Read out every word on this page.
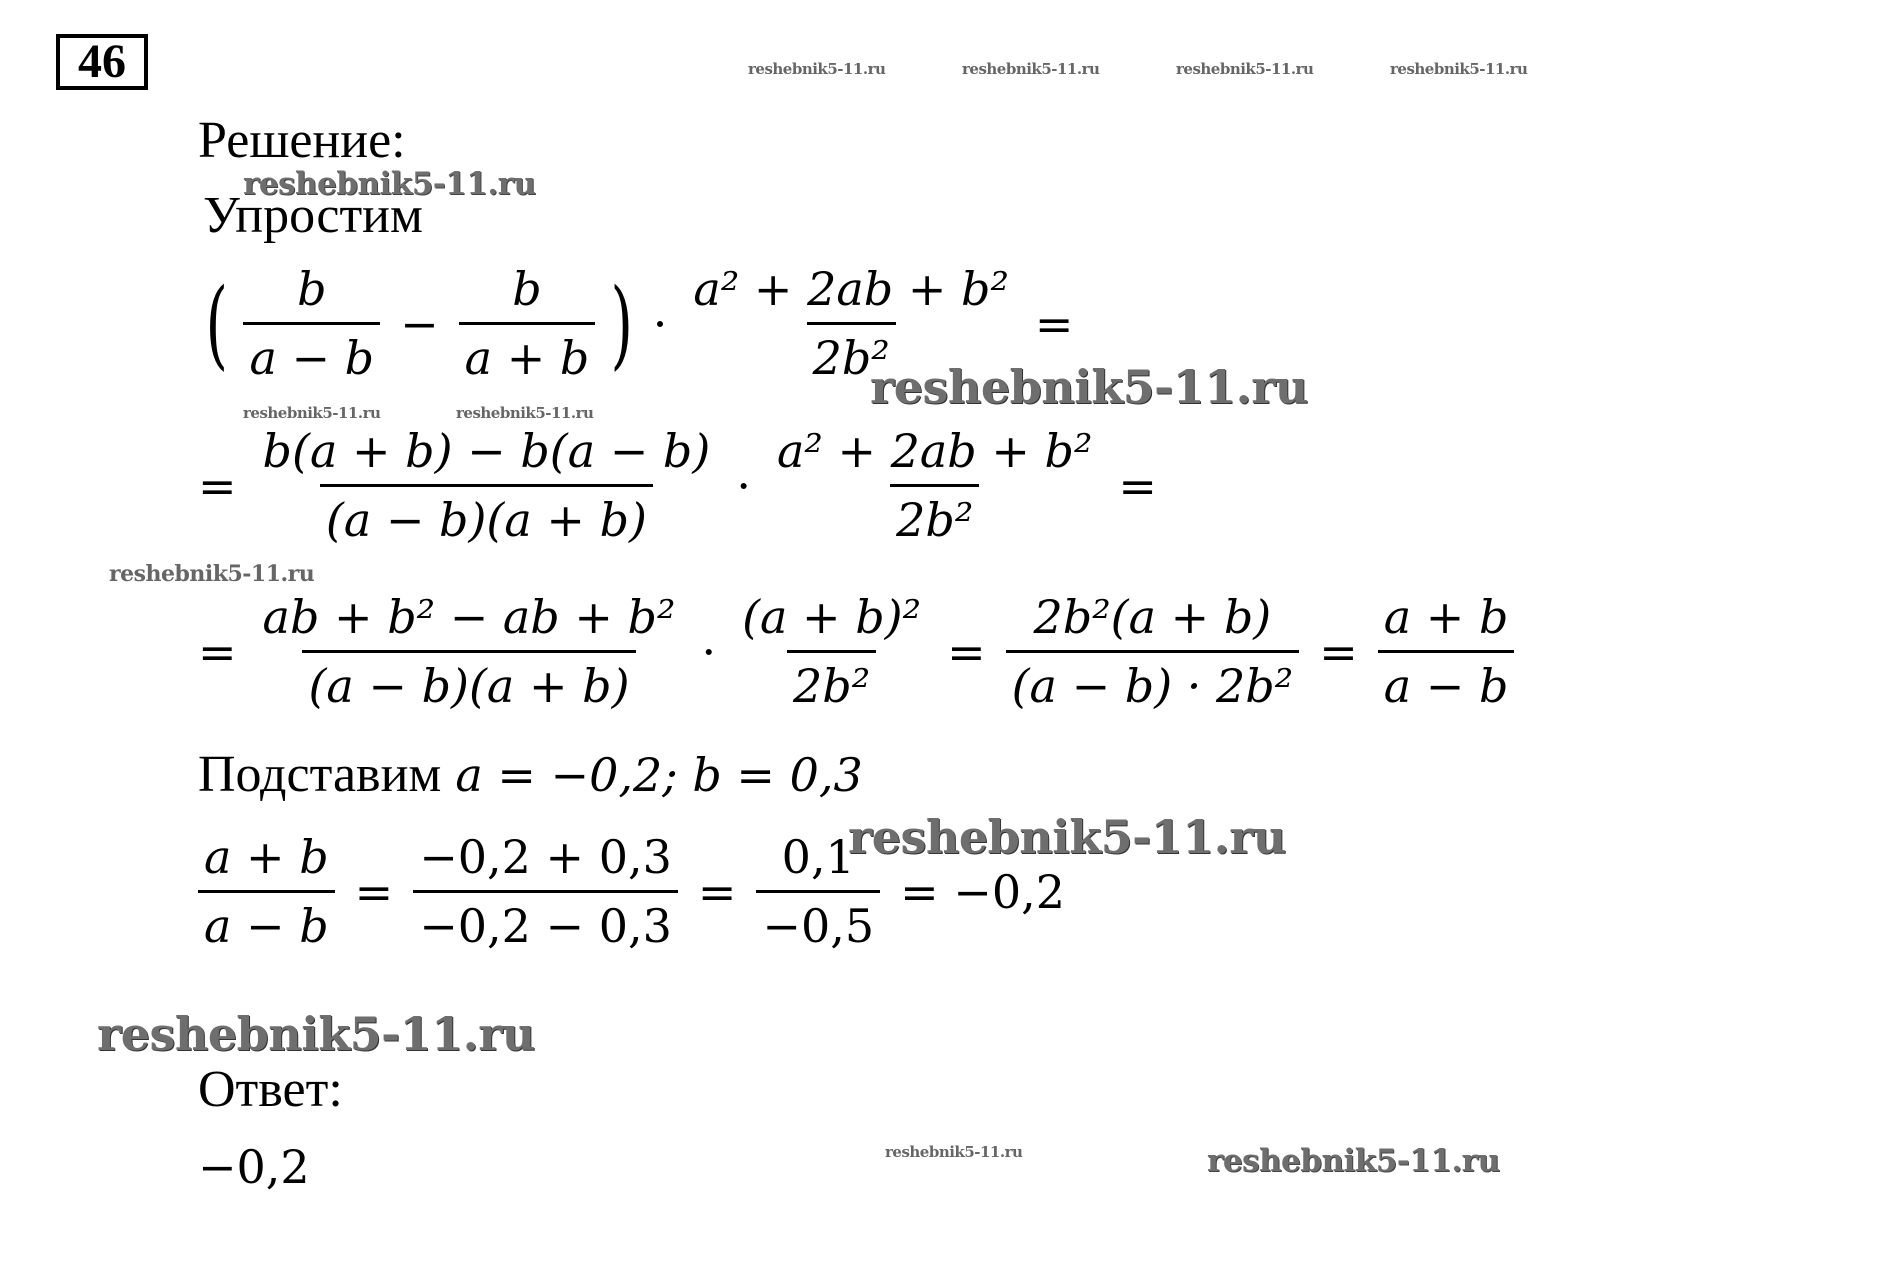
46	reshebnik5-11.ru	reshebnik5-11.ru	reshebnik5-11.ru	reshebnik5-11.ru
reshebnik5-11.ru
reshebnik5-11.ru
reshebnik5-11.ru	reshebnik5-11.ru
reshebnik5-11.ru
reshebnik5-11.ru
reshebnik5-11.ru
reshebnik5-11.ru	reshebnik5-11.ru
Решение:
Упростим
( $\frac{b}{a - b} - \frac{b}{a + b}$ ) · $\frac{\text{a² + 2ab + b²}}{\text{2b²}}$ =
= $\frac{b(a + b) - b(a - b)}{(a - b)(a + b)} \cdot \frac{\text{a² + 2ab + b²}}{\text{2b²}}$ =
= $\frac{\text{ab + b² − ab + b²}}{(a - b)(a + b)} \cdot \frac{\text{(a + b)²}}{\text{2b²}} = \frac{\text{2b²(a + b)}}{\text{(a − b) · 2b²}} = \frac{a + b}{a - b}$
Подставим a = −0,2; b = 0,3
$\frac{a + b}{a - b} = \frac{-0,2 + 0,3}{-0,2 - 0,3} = \frac{0,1}{-0,5} = -0,2$
Ответ:
−0,2
